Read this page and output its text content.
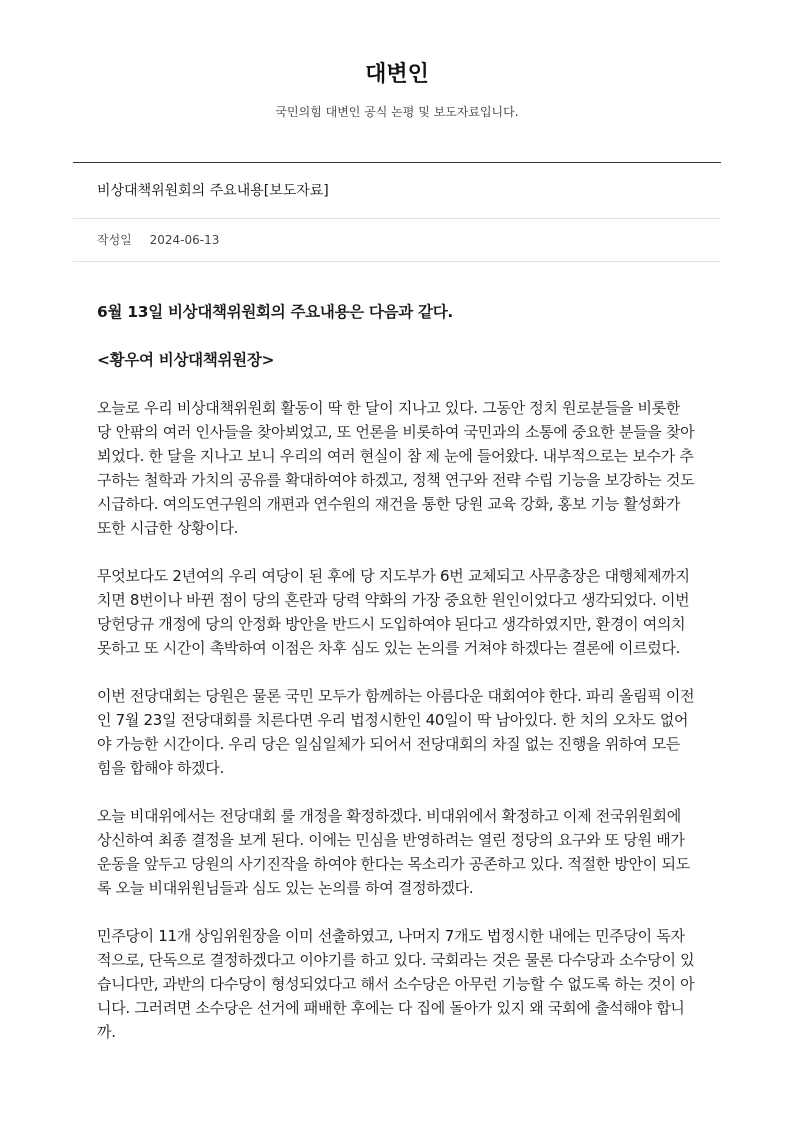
대변인

국민의힘 대변인 공식 논평 및 보도자료입니다.

비상대책위원회의 주요내용[보도자료]
작성일 2024-06-13

6월 13일 비상대책위원회의 주요내용은 다음과 같다.

<황우여 비상대책위원장>

오늘로 우리 비상대책위원회 활동이 딱 한 달이 지나고 있다. 그동안 정치 원로분들을 비롯한 당 안팎의 여러 인사들을 찾아뵈었고, 또 언론을 비롯하여 국민과의 소통에 중요한 분들을 찾아뵈었다. 한 달을 지나고 보니 우리의 여러 현실이 참 제 눈에 들어왔다. 내부적으로는 보수가 추구하는 철학과 가치의 공유를 확대하여야 하겠고, 정책 연구와 전략 수립 기능을 보강하는 것도 시급하다. 여의도연구원의 개편과 연수원의 재건을 통한 당원 교육 강화, 홍보 기능 활성화가 또한 시급한 상황이다.

무엇보다도 2년여의 우리 여당이 된 후에 당 지도부가 6번 교체되고 사무총장은 대행체제까지 치면 8번이나 바뀐 점이 당의 혼란과 당력 약화의 가장 중요한 원인이었다고 생각되었다. 이번 당헌당규 개정에 당의 안정화 방안을 반드시 도입하여야 된다고 생각하였지만, 환경이 여의치 못하고 또 시간이 촉박하여 이점은 차후 심도 있는 논의를 거쳐야 하겠다는 결론에 이르렀다.

이번 전당대회는 당원은 물론 국민 모두가 함께하는 아름다운 대회여야 한다. 파리 올림픽 이전인 7월 23일 전당대회를 치른다면 우리 법정시한인 40일이 딱 남아있다. 한 치의 오차도 없어야 가능한 시간이다. 우리 당은 일심일체가 되어서 전당대회의 차질 없는 진행을 위하여 모든 힘을 합해야 하겠다.

오늘 비대위에서는 전당대회 룰 개정을 확정하겠다. 비대위에서 확정하고 이제 전국위원회에 상신하여 최종 결정을 보게 된다. 이에는 민심을 반영하려는 열린 정당의 요구와 또 당원 배가운동을 앞두고 당원의 사기진작을 하여야 한다는 목소리가 공존하고 있다. 적절한 방안이 되도록 오늘 비대위원님들과 심도 있는 논의를 하여 결정하겠다.

민주당이 11개 상임위원장을 이미 선출하였고, 나머지 7개도 법정시한 내에는 민주당이 독자적으로, 단독으로 결정하겠다고 이야기를 하고 있다. 국회라는 것은 물론 다수당과 소수당이 있습니다만, 과반의 다수당이 형성되었다고 해서 소수당은 아무런 기능할 수 없도록 하는 것이 아니다. 그러려면 소수당은 선거에 패배한 후에는 다 집에 돌아가 있지 왜 국회에 출석해야 합니까.
